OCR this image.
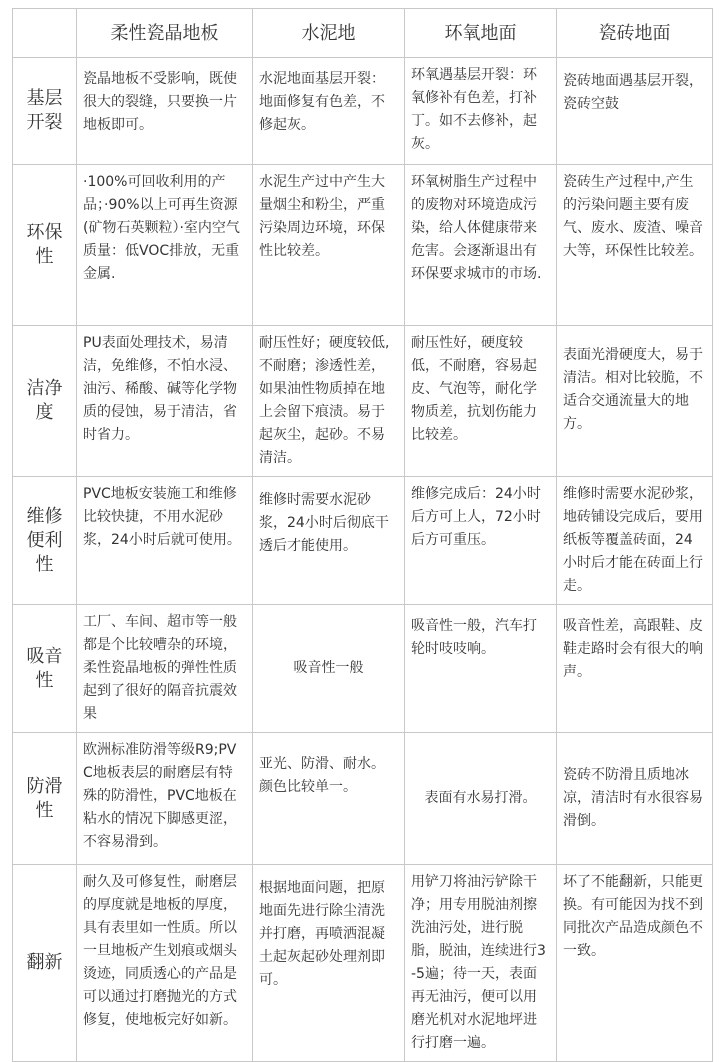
	柔性瓷晶地板	水泥地	环氧地面	瓷砖地面
基层开裂	瓷晶地板不受影响，既使很大的裂缝，只要换一片地板即可。	水泥地面基层开裂：地面修复有色差，不修起灰。	环氧遇基层开裂：环氧修补有色差，打补丁。如不去修补，起灰。	瓷砖地面遇基层开裂，瓷砖空鼓
环保性	·100%可回收利用的产品；·90%以上可再生资源(矿物石英颗粒）·室内空气质量：低VOC排放，无重金属.	水泥生产过中产生大量烟尘和粉尘，严重污染周边环境，环保性比较差。	环氧树脂生产过程中的废物对环境造成污染，给人体健康带来危害。会逐渐退出有环保要求城市的市场.	瓷砖生产过程中,产生的污染问题主要有废气、废水、废渣、噪音大等，环保性比较差。
洁净度	PU表面处理技术，易清洁，免维修，不怕水浸、油污、稀酸、碱等化学物质的侵蚀，易于清洁，省时省力。	耐压性好；硬度较低,不耐磨；渗透性差，如果油性物质掉在地上会留下痕渍。易于起灰尘，起砂。不易清洁。	耐压性好，硬度较低，不耐磨，容易起皮、气泡等，耐化学物质差，抗划伤能力比较差。	表面光滑硬度大，易于清洁。相对比较脆，不适合交通流量大的地方。
维修便利性	PVC地板安装施工和维修比较快捷，不用水泥砂浆，24小时后就可使用。	维修时需要水泥砂浆，24小时后彻底干透后才能使用。	维修完成后：24小时后方可上人，72小时后方可重压。	维修时需要水泥砂浆，地砖铺设完成后，要用纸板等覆盖砖面，24小时后才能在砖面上行走。
吸音性	工厂、车间、超市等一般都是个比较嘈杂的环境，柔性瓷晶地板的弹性性质起到了很好的隔音抗震效果	吸音性一般	吸音性一般，汽车打轮时吱吱响。	吸音性差，高跟鞋、皮鞋走路时会有很大的响声。
防滑性	欧洲标准防滑等级R9;PVC地板表层的耐磨层有特殊的防滑性，PVC地板在粘水的情况下脚感更涩，不容易滑到。	亚光、防滑、耐水。颜色比较单一。	表面有水易打滑。	瓷砖不防滑且质地冰凉，清洁时有水很容易滑倒。
翻新	耐久及可修复性，耐磨层的厚度就是地板的厚度，具有表里如一性质。所以一旦地板产生划痕或烟头烫迹，同质透心的产品是可以通过打磨抛光的方式修复，使地板完好如新。	根据地面问题，把原地面先进行除尘清洗并打磨，再喷洒混凝土起灰起砂处理剂即可。	用铲刀将油污铲除干净；用专用脱油剂擦洗油污处，进行脱脂，脱油，连续进行3-5遍；待一天，表面再无油污，便可以用磨光机对水泥地坪进行打磨一遍。	坏了不能翻新，只能更换。有可能因为找不到同批次产品造成颜色不一致。
